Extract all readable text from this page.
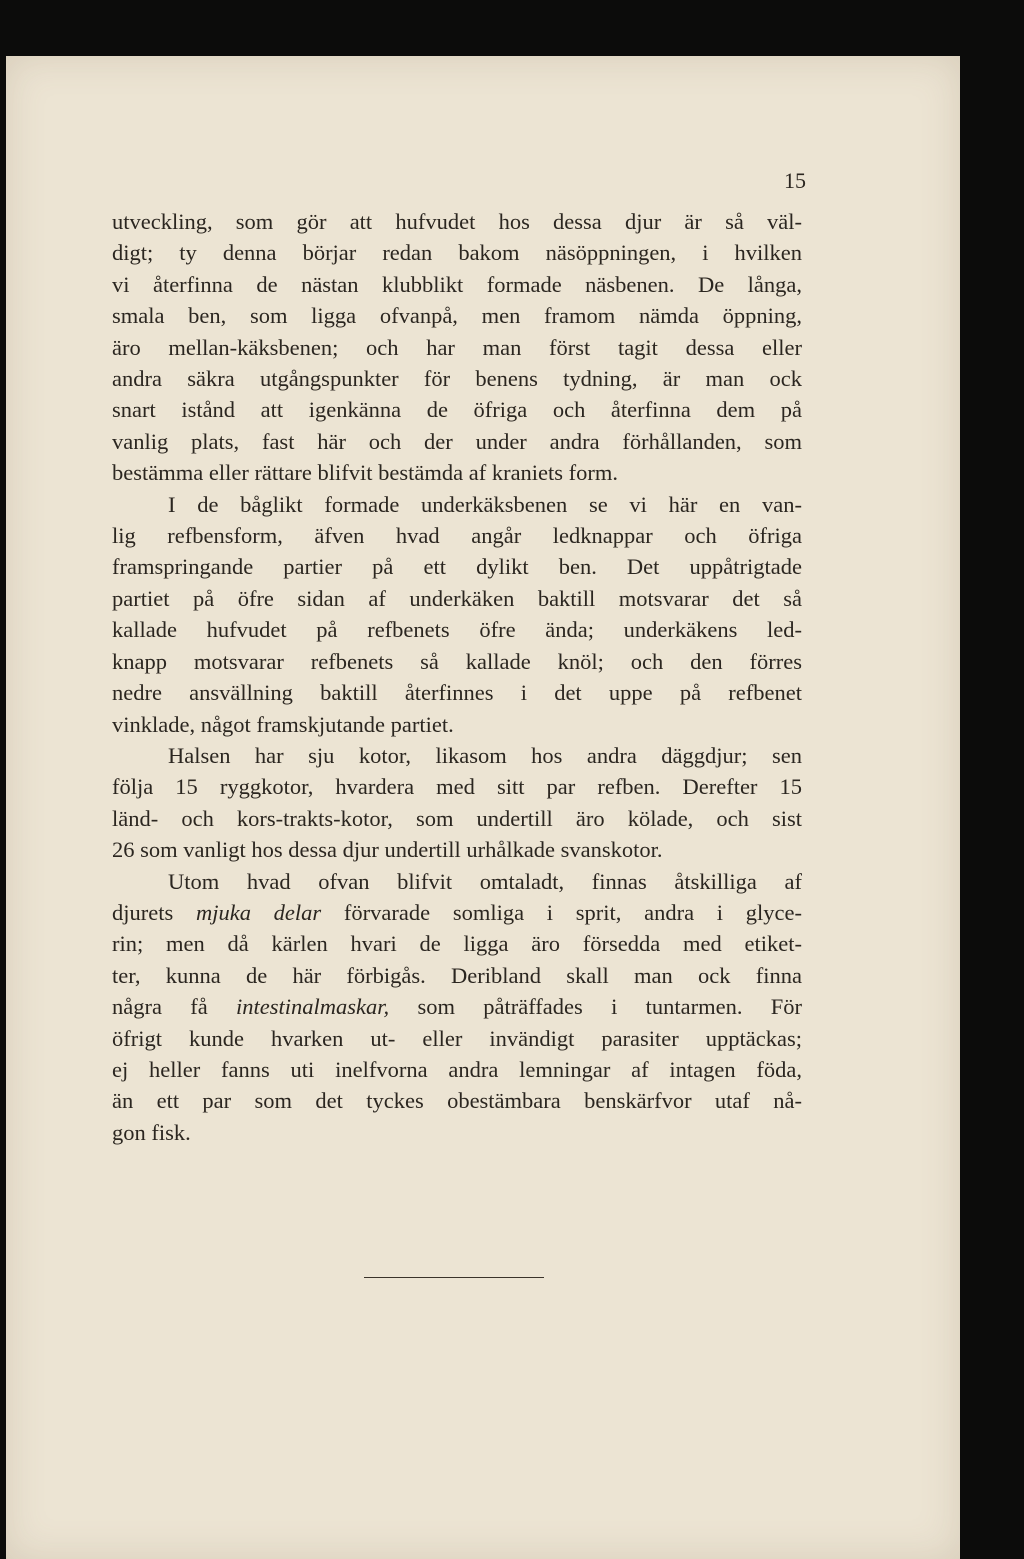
15
utveckling, som gör att hufvudet hos dessa djur är så väl-
digt; ty denna börjar redan bakom näsöppningen, i hvilken
vi återfinna de nästan klubblikt formade näsbenen. De långa,
smala ben, som ligga ofvanpå, men framom nämda öppning,
äro mellan-käksbenen; och har man först tagit dessa eller
andra säkra utgångspunkter för benens tydning, är man ock
snart istånd att igenkänna de öfriga och återfinna dem på
vanlig plats, fast här och der under andra förhållanden, som
bestämma eller rättare blifvit bestämda af kraniets form.
I de båglikt formade underkäksbenen se vi här en van-
lig refbensform, äfven hvad angår ledknappar och öfriga
framspringande partier på ett dylikt ben. Det uppåtrigtade
partiet på öfre sidan af underkäken baktill motsvarar det så
kallade hufvudet på refbenets öfre ända; underkäkens led-
knapp motsvarar refbenets så kallade knöl; och den förres
nedre ansvällning baktill återfinnes i det uppe på refbenet
vinklade, något framskjutande partiet.
Halsen har sju kotor, likasom hos andra däggdjur; sen
följa 15 ryggkotor, hvardera med sitt par refben. Derefter 15
länd- och kors-trakts-kotor, som undertill äro kölade, och sist
26 som vanligt hos dessa djur undertill urhålkade svanskotor.
Utom hvad ofvan blifvit omtaladt, finnas åtskilliga af
djurets mjuka delar förvarade somliga i sprit, andra i glyce-
rin; men då kärlen hvari de ligga äro försedda med etiket-
ter, kunna de här förbigås. Deribland skall man ock finna
några få intestinalmaskar, som påträffades i tuntarmen. För
öfrigt kunde hvarken ut- eller invändigt parasiter upptäckas;
ej heller fanns uti inelfvorna andra lemningar af intagen föda,
än ett par som det tyckes obestämbara benskärfvor utaf nå-
gon fisk.
